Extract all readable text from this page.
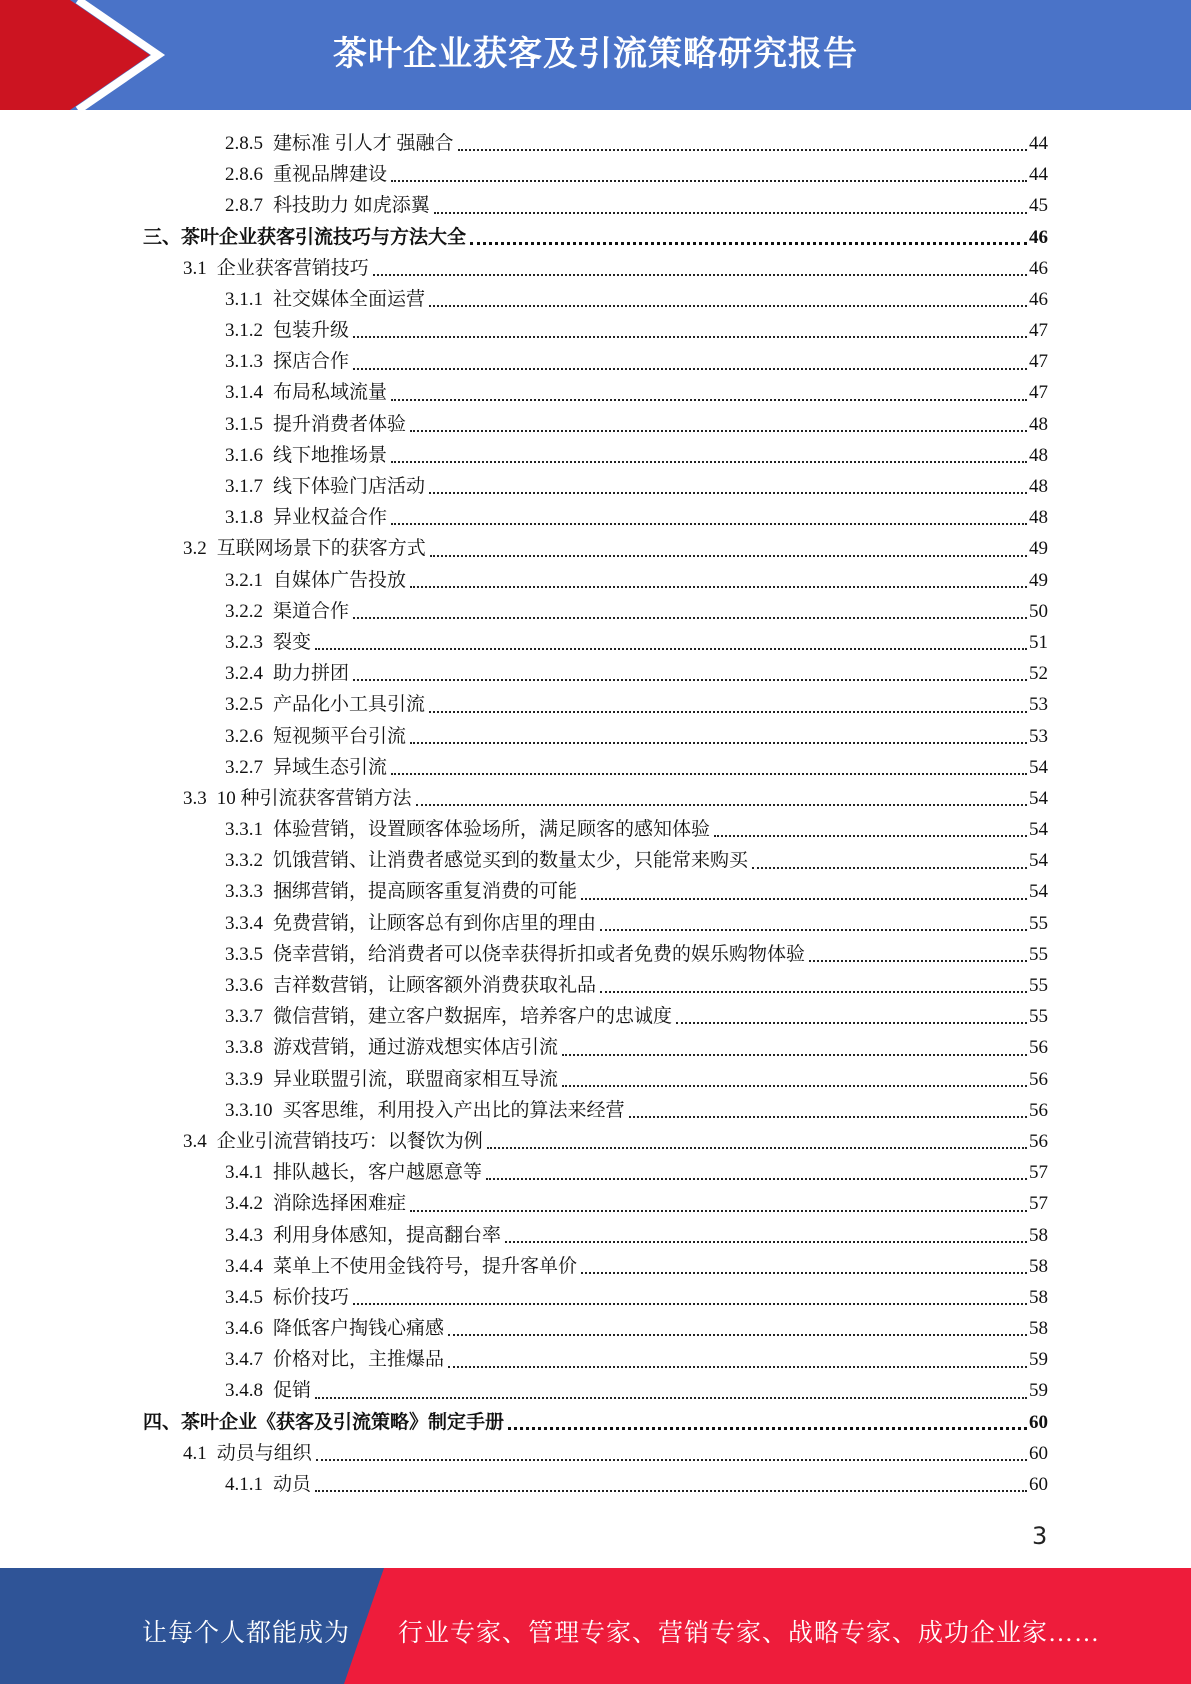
茶叶企业获客及引流策略研究报告
2.8.5 建标准 引人才 强融合	44
2.8.6 重视品牌建设	44
2.8.7 科技助力 如虎添翼	45
三、茶叶企业获客引流技巧与方法大全	46
3.1 企业获客营销技巧	46
3.1.1 社交媒体全面运营	46
3.1.2 包装升级	47
3.1.3 探店合作	47
3.1.4 布局私域流量	47
3.1.5 提升消费者体验	48
3.1.6 线下地推场景	48
3.1.7 线下体验门店活动	48
3.1.8 异业权益合作	48
3.2 互联网场景下的获客方式	49
3.2.1 自媒体广告投放	49
3.2.2 渠道合作	50
3.2.3 裂变	51
3.2.4 助力拼团	52
3.2.5 产品化小工具引流	53
3.2.6 短视频平台引流	53
3.2.7 异域生态引流	54
3.3 10 种引流获客营销方法	54
3.3.1 体验营销，设置顾客体验场所，满足顾客的感知体验	54
3.3.2 饥饿营销、让消费者感觉买到的数量太少，只能常来购买	54
3.3.3 捆绑营销，提高顾客重复消费的可能	54
3.3.4 免费营销，让顾客总有到你店里的理由	55
3.3.5 侥幸营销，给消费者可以侥幸获得折扣或者免费的娱乐购物体验	55
3.3.6 吉祥数营销，让顾客额外消费获取礼品	55
3.3.7 微信营销，建立客户数据库，培养客户的忠诚度	55
3.3.8 游戏营销，通过游戏想实体店引流	56
3.3.9 异业联盟引流，联盟商家相互导流	56
3.3.10 买客思维，利用投入产出比的算法来经营	56
3.4 企业引流营销技巧：以餐饮为例	56
3.4.1 排队越长，客户越愿意等	57
3.4.2 消除选择困难症	57
3.4.3 利用身体感知，提高翻台率	58
3.4.4 菜单上不使用金钱符号，提升客单价	58
3.4.5 标价技巧	58
3.4.6 降低客户掏钱心痛感	58
3.4.7 价格对比，主推爆品	59
3.4.8 促销	59
四、茶叶企业《获客及引流策略》制定手册	60
4.1 动员与组织	60
4.1.1 动员	60
3
让每个人都能成为 行业专家、管理专家、营销专家、战略专家、成功企业家……
